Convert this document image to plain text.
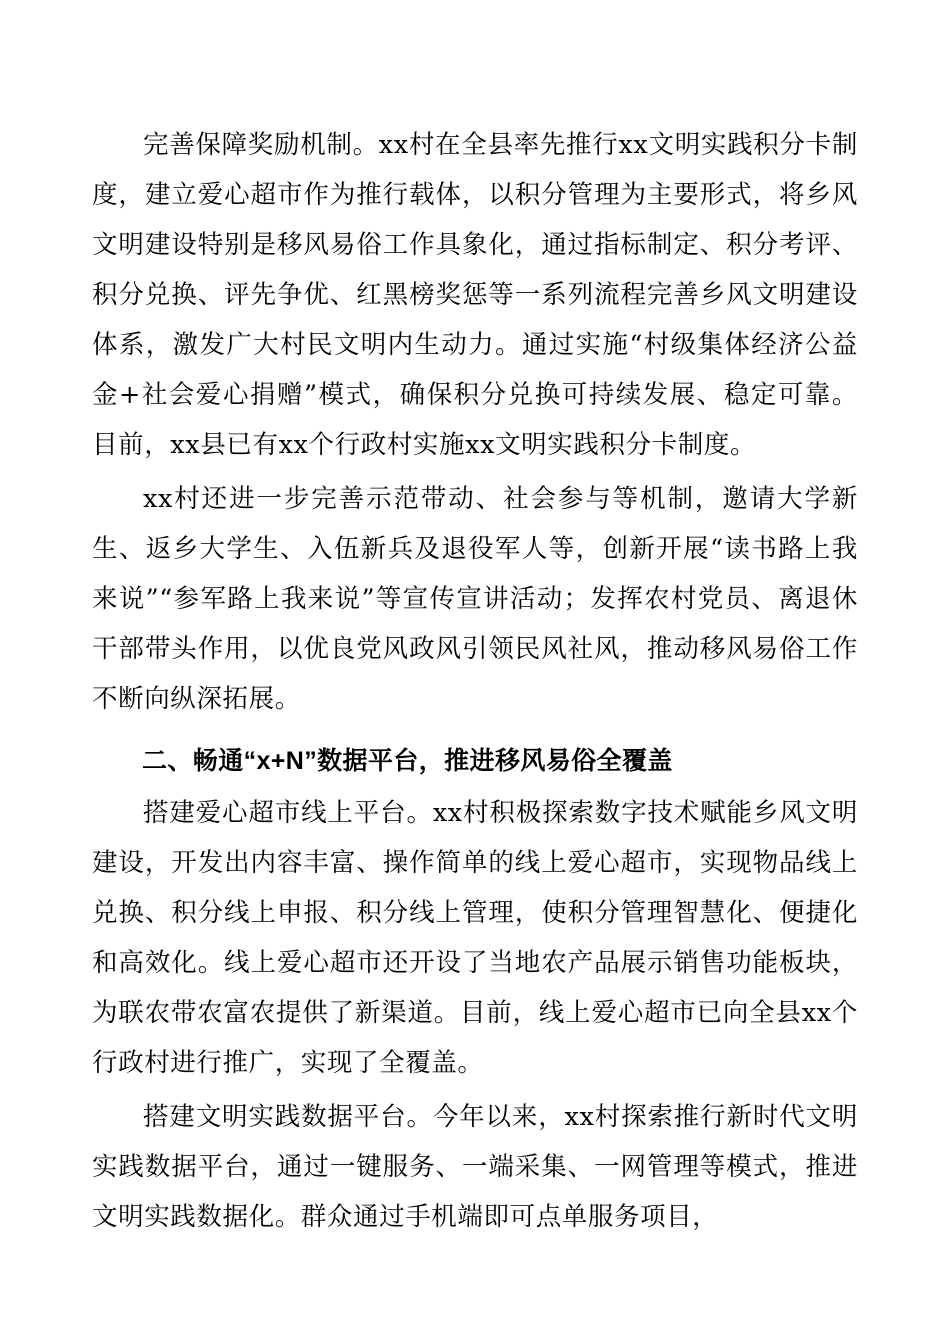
完善保障奖励机制。xx村在全县率先推行xx文明实践积分卡制度，建立爱心超市作为推行载体，以积分管理为主要形式，将乡风文明建设特别是移风易俗工作具象化，通过指标制定、积分考评、积分兑换、评先争优、红黑榜奖惩等一系列流程完善乡风文明建设体系，激发广大村民文明内生动力。通过实施“村级集体经济公益金+社会爱心捐赠”模式，确保积分兑换可持续发展、稳定可靠。目前，xx县已有xx个行政村实施xx文明实践积分卡制度。

xx村还进一步完善示范带动、社会参与等机制，邀请大学新生、返乡大学生、入伍新兵及退役军人等，创新开展“读书路上我来说”“参军路上我来说”等宣传宣讲活动；发挥农村党员、离退休干部带头作用，以优良党风政风引领民风社风，推动移风易俗工作不断向纵深拓展。

二、畅通“x+N”数据平台，推进移风易俗全覆盖

搭建爱心超市线上平台。xx村积极探索数字技术赋能乡风文明建设，开发出内容丰富、操作简单的线上爱心超市，实现物品线上兑换、积分线上申报、积分线上管理，使积分管理智慧化、便捷化和高效化。线上爱心超市还开设了当地农产品展示销售功能板块，为联农带农富农提供了新渠道。目前，线上爱心超市已向全县xx个行政村进行推广，实现了全覆盖。

搭建文明实践数据平台。今年以来，xx村探索推行新时代文明实践数据平台，通过一键服务、一端采集、一网管理等模式，推进文明实践数据化。群众通过手机端即可点单服务项目，
